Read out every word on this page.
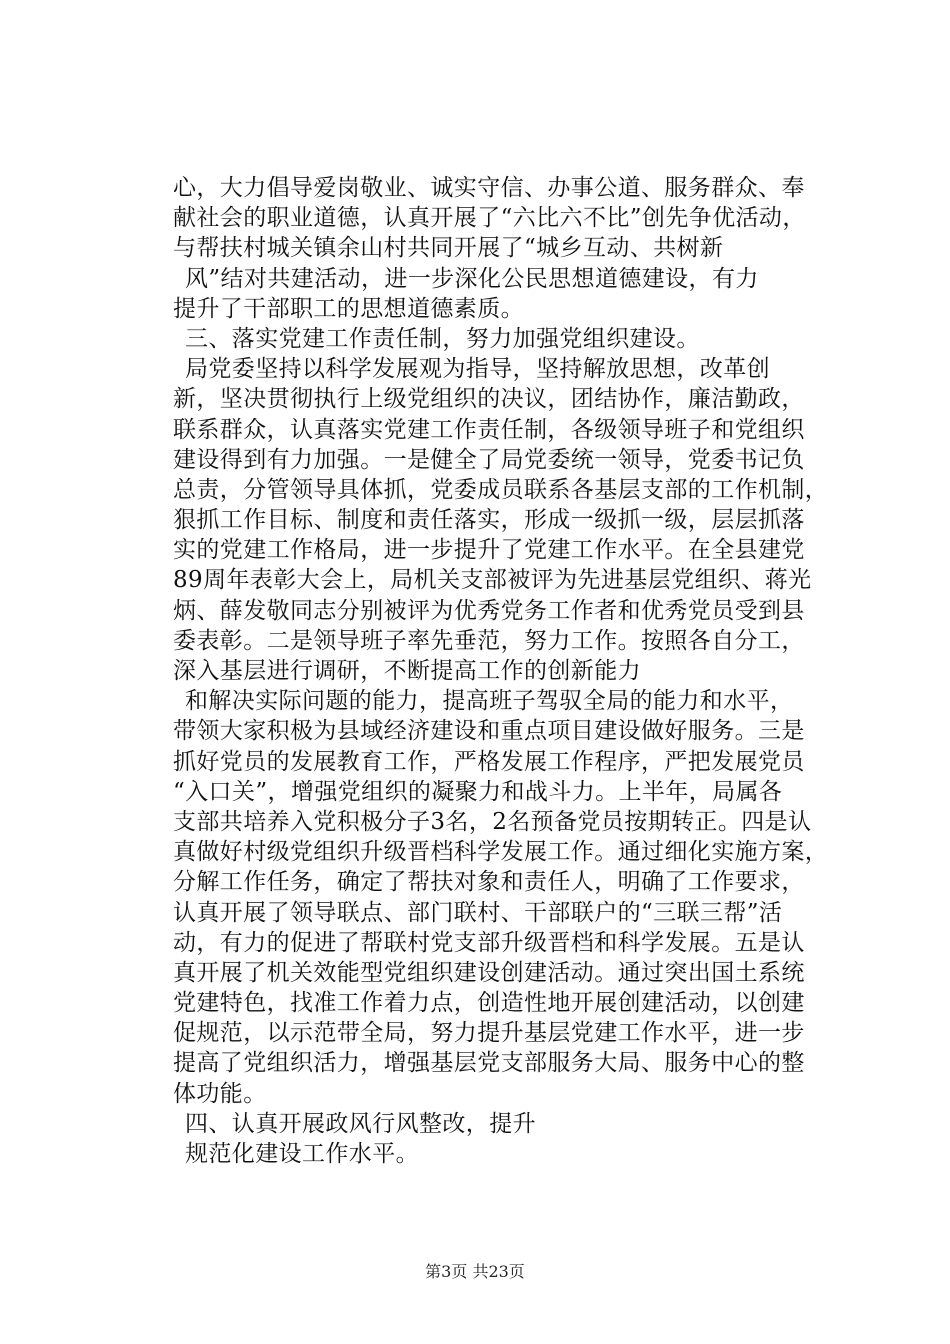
心，大力倡导爱岗敬业、诚实守信、办事公道、服务群众、奉
献社会的职业道德，认真开展了“六比六不比”创先争优活动，
与帮扶村城关镇余山村共同开展了“城乡互动、共树新
风”结对共建活动，进一步深化公民思想道德建设，有力
提升了干部职工的思想道德素质。
三、落实党建工作责任制，努力加强党组织建设。
局党委坚持以科学发展观为指导，坚持解放思想，改革创
新，坚决贯彻执行上级党组织的决议，团结协作，廉洁勤政，
联系群众，认真落实党建工作责任制，各级领导班子和党组织
建设得到有力加强。一是健全了局党委统一领导，党委书记负
总责，分管领导具体抓，党委成员联系各基层支部的工作机制，
狠抓工作目标、制度和责任落实，形成一级抓一级，层层抓落
实的党建工作格局，进一步提升了党建工作水平。在全县建党
89周年表彰大会上，局机关支部被评为先进基层党组织、蒋光
炳、薛发敬同志分别被评为优秀党务工作者和优秀党员受到县
委表彰。二是领导班子率先垂范，努力工作。按照各自分工，
深入基层进行调研，不断提高工作的创新能力
和解决实际问题的能力，提高班子驾驭全局的能力和水平，
带领大家积极为县域经济建设和重点项目建设做好服务。三是
抓好党员的发展教育工作，严格发展工作程序，严把发展党员
“入口关”，增强党组织的凝聚力和战斗力。上半年，局属各
支部共培养入党积极分子3名，2名预备党员按期转正。四是认
真做好村级党组织升级晋档科学发展工作。通过细化实施方案，
分解工作任务，确定了帮扶对象和责任人，明确了工作要求，
认真开展了领导联点、部门联村、干部联户的“三联三帮”活
动，有力的促进了帮联村党支部升级晋档和科学发展。五是认
真开展了机关效能型党组织建设创建活动。通过突出国土系统
党建特色，找准工作着力点，创造性地开展创建活动，以创建
促规范，以示范带全局，努力提升基层党建工作水平，进一步
提高了党组织活力，增强基层党支部服务大局、服务中心的整
体功能。
四、认真开展政风行风整改，提升
规范化建设工作水平。
第3页 共23页
